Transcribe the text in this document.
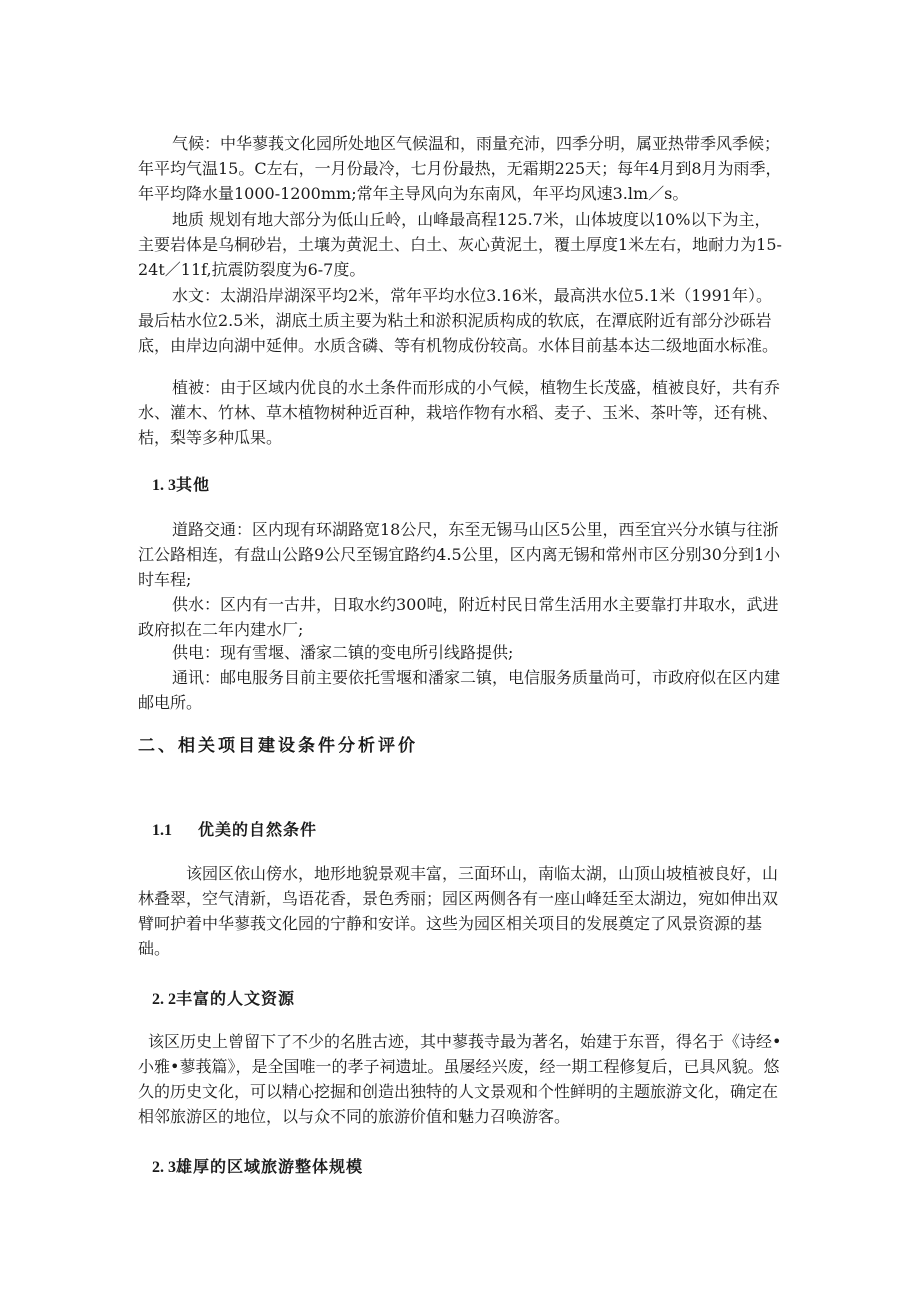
气候：中华蓼莪文化园所处地区气候温和，雨量充沛，四季分明，属亚热带季风季候；年平均气温15。C左右，一月份最冷，七月份最热，无霜期225天；每年4月到8月为雨季，年平均降水量1000-1200mm;常年主导风向为东南风，年平均风速3.lm／s。

地质 规划有地大部分为低山丘岭，山峰最高程125.7米，山体坡度以10%以下为主，主要岩体是乌桐砂岩，土壤为黄泥土、白土、灰心黄泥土，覆土厚度1米左右，地耐力为15-24t／11f,抗震防裂度为6-7度。

水文：太湖沿岸湖深平均2米，常年平均水位3.16米，最高洪水位5.1米（1991年）。最后枯水位2.5米，湖底土质主要为粘土和淤积泥质构成的软底，在潭底附近有部分沙砾岩底，由岸边向湖中延伸。水质含磷、等有机物成份较高。水体目前基本达二级地面水标准。

植被：由于区域内优良的水土条件而形成的小气候，植物生长茂盛，植被良好，共有乔水、灌木、竹林、草木植物树种近百种，栽培作物有水稻、麦子、玉米、茶叶等，还有桃、桔，梨等多种瓜果。

1. 3其他

道路交通：区内现有环湖路宽18公尺，东至无锡马山区5公里，西至宜兴分水镇与往浙江公路相连，有盘山公路9公尺至锡宜路约4.5公里，区内离无锡和常州市区分别30分到1小时车程;

供水：区内有一古井，日取水约300吨，附近村民日常生活用水主要靠打井取水，武进政府拟在二年内建水厂;

供电：现有雪堰、潘家二镇的变电所引线路提供;

通讯：邮电服务目前主要依托雪堰和潘家二镇，电信服务质量尚可，市政府似在区内建邮电所。

二、相关项目建设条件分析评价
1.1 优美的自然条件

该园区依山傍水，地形地貌景观丰富，三面环山，南临太湖，山顶山坡植被良好，山林叠翠，空气清新，鸟语花香，景色秀丽；园区两侧各有一座山峰廷至太湖边，宛如伸出双臂呵护着中华蓼莪文化园的宁静和安详。这些为园区相关项目的发展奠定了风景资源的基础。

2. 2丰富的人文资源

该区历史上曾留下了不少的名胜古迹，其中蓼莪寺最为著名，始建于东晋，得名于《诗经•小雅•蓼莪篇》，是全国唯一的孝子祠遗址。虽屡经兴废，经一期工程修复后，已具风貌。悠久的历史文化，可以精心挖掘和创造出独特的人文景观和个性鲜明的主题旅游文化，确定在相邻旅游区的地位，以与众不同的旅游价值和魅力召唤游客。

2. 3雄厚的区域旅游整体规模
